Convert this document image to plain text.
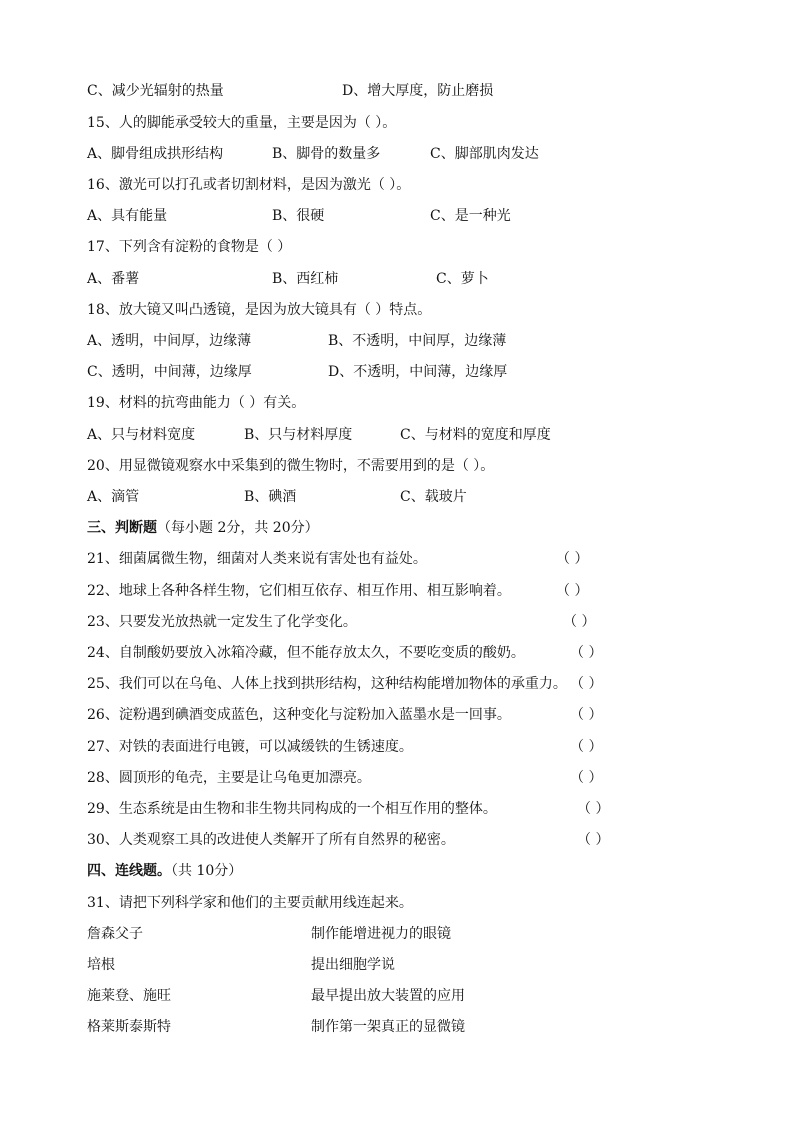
C、减少光辐射的热量	D、增大厚度，防止磨损
15、人的脚能承受较大的重量，主要是因为（ ）。
A、脚骨组成拱形结构	B、脚骨的数量多	C、脚部肌肉发达
16、激光可以打孔或者切割材料，是因为激光（ ）。
A、具有能量	B、很硬	C、是一种光
17、下列含有淀粉的食物是（ ）
A、番薯	B、西红柿	C、萝卜
18、放大镜又叫凸透镜，是因为放大镜具有（ ）特点。
A、透明，中间厚，边缘薄	B、不透明，中间厚，边缘薄
C、透明，中间薄，边缘厚	D、不透明，中间薄，边缘厚
19、材料的抗弯曲能力（ ）有关。
A、只与材料宽度	B、只与材料厚度	C、与材料的宽度和厚度
20、用显微镜观察水中采集到的微生物时，不需要用到的是（ ）。
A、滴管	B、碘酒	C、载玻片
三、判断题（每小题 2分，共 20分）
21、细菌属微生物，细菌对人类来说有害处也有益处。	（ ）
22、地球上各种各样生物，它们相互依存、相互作用、相互影响着。	（ ）
23、只要发光放热就一定发生了化学变化。	（ ）
24、自制酸奶要放入冰箱冷藏，但不能存放太久，不要吃变质的酸奶。	（ ）
25、我们可以在乌龟、人体上找到拱形结构，这种结构能增加物体的承重力。 （ ）
26、淀粉遇到碘酒变成蓝色，这种变化与淀粉加入蓝墨水是一回事。	（ ）
27、对铁的表面进行电镀，可以减缓铁的生锈速度。	（ ）
28、圆顶形的龟壳，主要是让乌龟更加漂亮。	（ ）
29、生态系统是由生物和非生物共同构成的一个相互作用的整体。	（ ）
30、人类观察工具的改进使人类解开了所有自然界的秘密。	（ ）
四、连线题。（共 10分）
31、请把下列科学家和他们的主要贡献用线连起来。
詹森父子	制作能增进视力的眼镜
培根	提出细胞学说
施莱登、施旺	最早提出放大装置的应用
格莱斯泰斯特	制作第一架真正的显微镜
